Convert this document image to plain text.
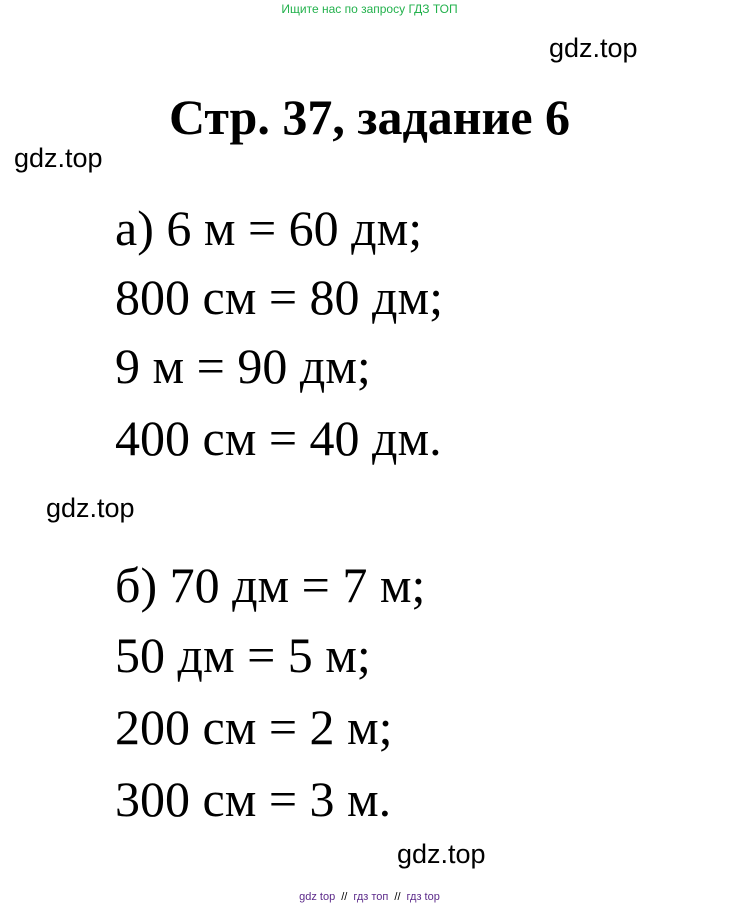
Ищите нас по запросу ГДЗ ТОП
gdz.top
Стр. 37, задание 6
gdz.top
а) 6 м = 60 дм;
800 см = 80 дм;
9 м = 90 дм;
400 см = 40 дм.
gdz.top
б) 70 дм = 7 м;
50 дм = 5 м;
200 см = 2 м;
300 см = 3 м.
gdz.top
gdz top // гдз топ // гдз top
